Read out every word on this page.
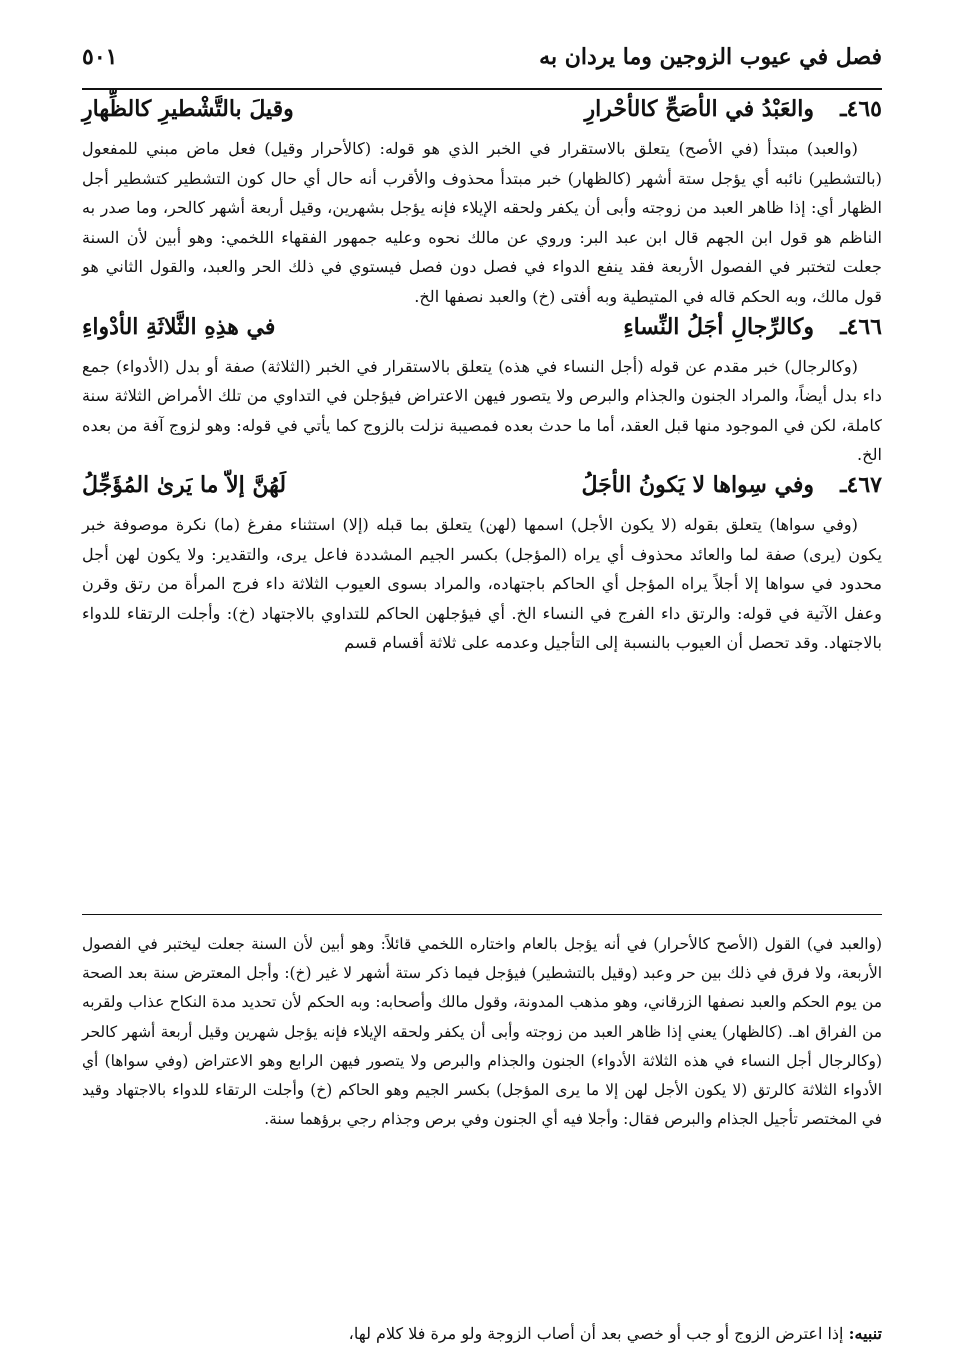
فصل في عيوب الزوجين وما يردان به
٥٠١
٤٦٥ـ
والعَبْدُ في الأصَحِّ كالأحْرارِ
وقيلَ بالتَّشْطيرِ كالظِّهارِ

(والعبد) مبتدأ (في الأصح) يتعلق بالاستقرار في الخبر الذي هو قوله: (كالأحرار وقيل) فعل ماض مبني للمفعول (بالتشطير) نائبه أي يؤجل ستة أشهر (كالظهار) خبر مبتدأ محذوف والأقرب أنه حال أي حال كون التشطير كتشطير أجل الظهار أي: إذا ظاهر العبد من زوجته وأبى أن يكفر ولحقه الإيلاء فإنه يؤجل بشهرين، وقيل أربعة أشهر كالحر، وما صدر به الناظم هو قول ابن الجهم قال ابن عبد البر: وروي عن مالك نحوه وعليه جمهور الفقهاء اللخمي: وهو أبين لأن السنة جعلت لتختبر في الفصول الأربعة فقد ينفع الدواء في فصل دون فصل فيستوي في ذلك الحر والعبد، والقول الثاني هو قول مالك، وبه الحكم قاله في المتيطية وبه أفتى (خ) والعبد نصفها الخ.

٤٦٦ـ
وكالرِّجالِ أجَلُ النِّساءِ
في هذِهِ الثَّلاثَةِ الأدْواءِ

(وكالرجال) خبر مقدم عن قوله (أجل النساء في هذه) يتعلق بالاستقرار في الخبر (الثلاثة) صفة أو بدل (الأدواء) جمع داء بدل أيضاً، والمراد الجنون والجذام والبرص ولا يتصور فيهن الاعتراض فيؤجلن في التداوي من تلك الأمراض الثلاثة سنة كاملة، لكن في الموجود منها قبل العقد، أما ما حدث بعده فمصيبة نزلت بالزوج كما يأتي في قوله: وهو لزوج آفة من بعده الخ.

٤٦٧ـ
وفي سِواها لا يَكونُ الأجَلُ
لَهُنَّ إلاّ ما يَرىٰ المُؤَجِّلُ

(وفي سواها) يتعلق بقوله (لا يكون الأجل) اسمها (لهن) يتعلق بما قبله (إلا) استثناء مفرغ (ما) نكرة موصوفة خبر يكون (يرى) صفة لما والعائد محذوف أي يراه (المؤجل) بكسر الجيم المشددة فاعل يرى، والتقدير: ولا يكون لهن أجل محدود في سواها إلا أجلاً يراه المؤجل أي الحاكم باجتهاده، والمراد بسوى العيوب الثلاثة داء فرج المرأة من رتق وقرن وعفل الآتية في قوله: والرتق داء الفرج في النساء الخ. أي فيؤجلهن الحاكم للتداوي بالاجتهاد (خ): وأجلت الرتقاء للدواء بالاجتهاد. وقد تحصل أن العيوب بالنسبة إلى التأجيل وعدمه على ثلاثة أقسام قسم

(والعبد في) القول (الأصح كالأحرار) في أنه يؤجل بالعام واختاره اللخمي قائلاً: وهو أبين لأن السنة جعلت ليختبر في الفصول الأربعة، ولا فرق في ذلك بين حر وعبد (وقيل بالتشطير) فيؤجل فيما ذكر ستة أشهر لا غير (خ): وأجل المعترض سنة بعد الصحة من يوم الحكم والعبد نصفها الزرقاني، وهو مذهب المدونة، وقول مالك وأصحابه: وبه الحكم لأن تحديد مدة النكاح عذاب ولقربه من الفراق اهـ. (كالظهار) يعني إذا ظاهر العبد من زوجته وأبى أن يكفر ولحقه الإيلاء فإنه يؤجل شهرين وقيل أربعة أشهر كالحر (وكالرجال أجل النساء في هذه الثلاثة الأدواء) الجنون والجذام والبرص ولا يتصور فيهن الرابع وهو الاعتراض (وفي سواها) أي الأدواء الثلاثة كالرتق (لا يكون الأجل لهن إلا ما يرى المؤجل) بكسر الجيم وهو الحاكم (خ) وأجلت الرتقاء للدواء بالاجتهاد وقيد في المختصر تأجيل الجذام والبرص فقال: وأجلا فيه أي الجنون وفي برص وجذام رجي برؤهما سنة.

تنبيه: إذا اعترض الزوج أو جب أو خصي بعد أن أصاب الزوجة ولو مرة فلا كلام لها،
